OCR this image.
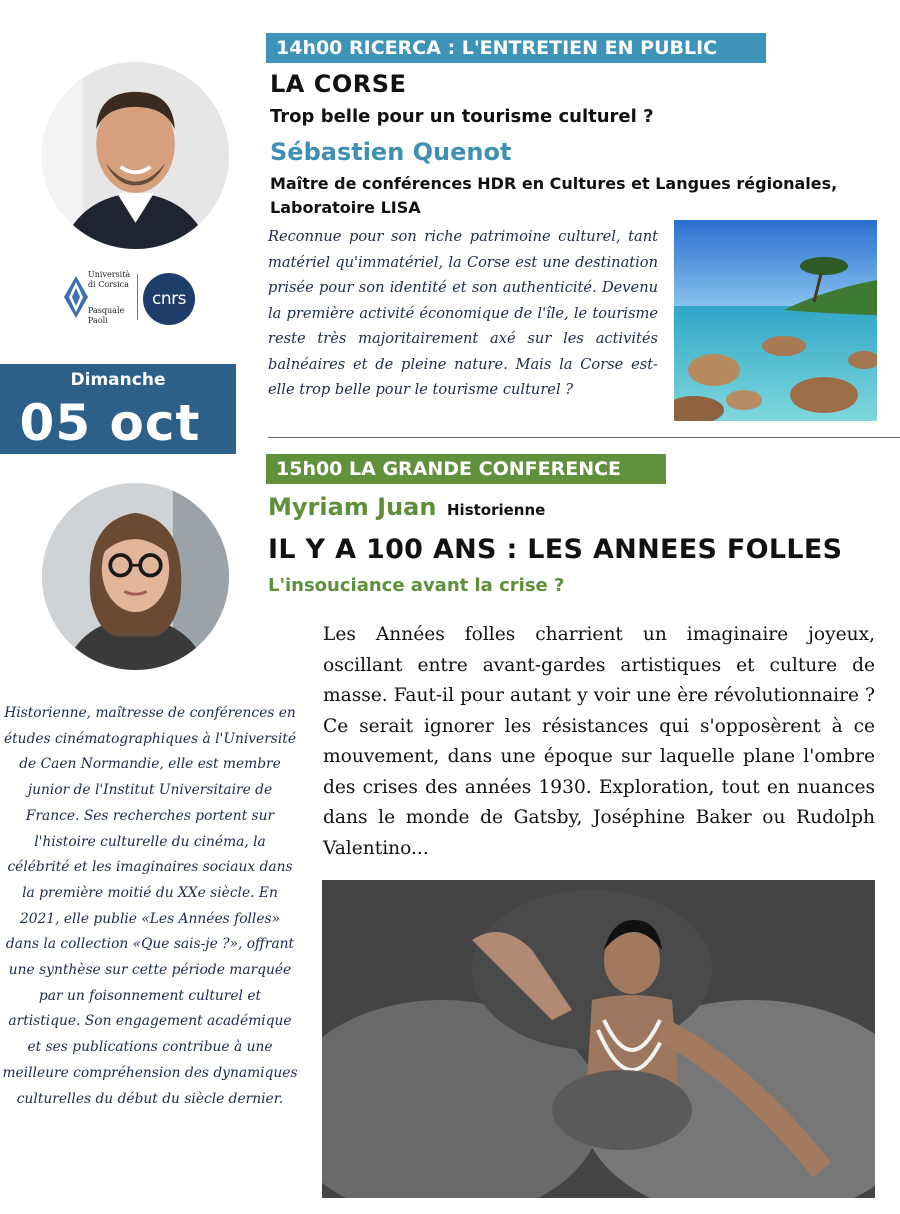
Università
di Corsica
Pasquale
Paoli
cnrs
Dimanche
05 oct
14h00 RICERCA : L'ENTRETIEN EN PUBLIC
LA CORSE
Trop belle pour un tourisme culturel ?
Sébastien Quenot
Maître de conférences HDR en Cultures et Langues régionales,
Laboratoire LISA
Reconnue pour son riche patrimoine culturel, tant matériel qu'immatériel, la Corse est une destination prisée pour son identité et son authenticité. Devenu la première activité économique de l'île, le tourisme reste très majoritairement axé sur les activités balnéaires et de pleine nature. Mais la Corse est-elle trop belle pour le tourisme culturel ?
15h00 LA GRANDE CONFERENCE
Myriam Juan Historienne
IL Y A 100 ANS : LES ANNEES FOLLES
L'insouciance avant la crise ?
Les Années folles charrient un imaginaire joyeux, oscillant entre avant-gardes artistiques et culture de masse. Faut-il pour autant y voir une ère révolutionnaire ? Ce serait ignorer les résistances qui s'opposèrent à ce mouvement, dans une époque sur laquelle plane l'ombre des crises des années 1930. Exploration, tout en nuances dans le monde de Gatsby, Joséphine Baker ou Rudolph Valentino...
Historienne, maîtresse de conférences en études cinématographiques à l'Université de Caen Normandie, elle est membre junior de l'Institut Universitaire de France. Ses recherches portent sur l'histoire culturelle du cinéma, la célébrité et les imaginaires sociaux dans la première moitié du XXe siècle. En 2021, elle publie «Les Années folles» dans la collection «Que sais-je ?», offrant une synthèse sur cette période marquée par un foisonnement culturel et artistique. Son engagement académique et ses publications contribue à une meilleure compréhension des dynamiques culturelles du début du siècle dernier.
